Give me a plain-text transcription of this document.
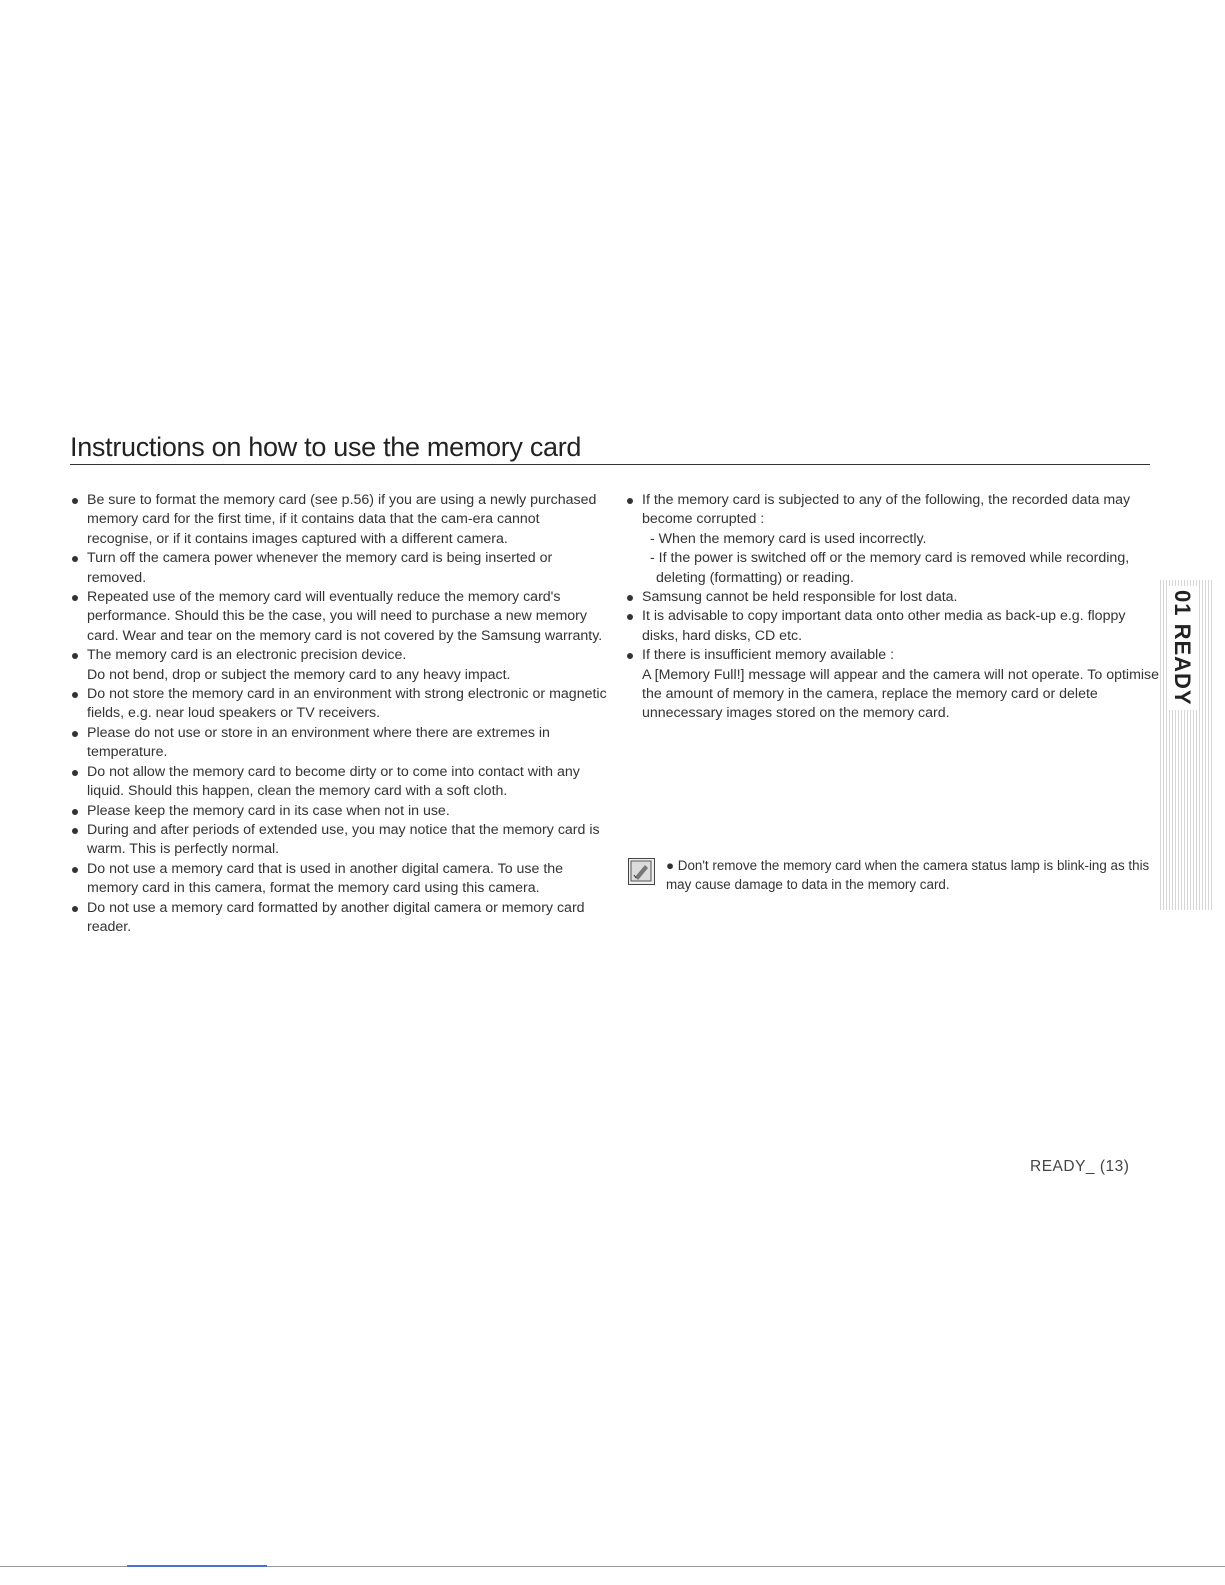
Instructions on how to use the memory card

Be sure to format the memory card (see p.56) if you are using a newly purchased memory card for the first time, if it contains data that the cam-era cannot recognise, or if it contains images captured with a different camera.

Turn off the camera power whenever the memory card is being inserted or removed.

Repeated use of the memory card will eventually reduce the memory card's performance. Should this be the case, you will need to purchase a new memory card. Wear and tear on the memory card is not covered by the Samsung warranty.

The memory card is an electronic precision device.

Do not bend, drop or subject the memory card to any heavy impact.

Do not store the memory card in an environment with strong electronic or magnetic fields, e.g. near loud speakers or TV receivers.

Please do not use or store in an environment where there are extremes in temperature.

Do not allow the memory card to become dirty or to come into contact with any liquid. Should this happen, clean the memory card with a soft cloth.

Please keep the memory card in its case when not in use.

During and after periods of extended use, you may notice that the memory card is warm. This is perfectly normal.

Do not use a memory card that is used in another digital camera. To use the memory card in this camera, format the memory card using this camera.

Do not use a memory card formatted by another digital camera or memory card reader.

If the memory card is subjected to any of the following, the recorded data may become corrupted :

- When the memory card is used incorrectly.

- If the power is switched off or the memory card is removed while recording, deleting (formatting) or reading.

Samsung cannot be held responsible for lost data.

It is advisable to copy important data onto other media as back-up e.g. floppy disks, hard disks, CD etc.

If there is insufficient memory available :

A [Memory Full!] message will appear and the camera will not operate. To optimise the amount of memory in the camera, replace the memory card or delete unnecessary images stored on the memory card.

● Don't remove the memory card when the camera status lamp is blink-ing as this may cause damage to data in the memory card.
01 READY
READY_ (13)
